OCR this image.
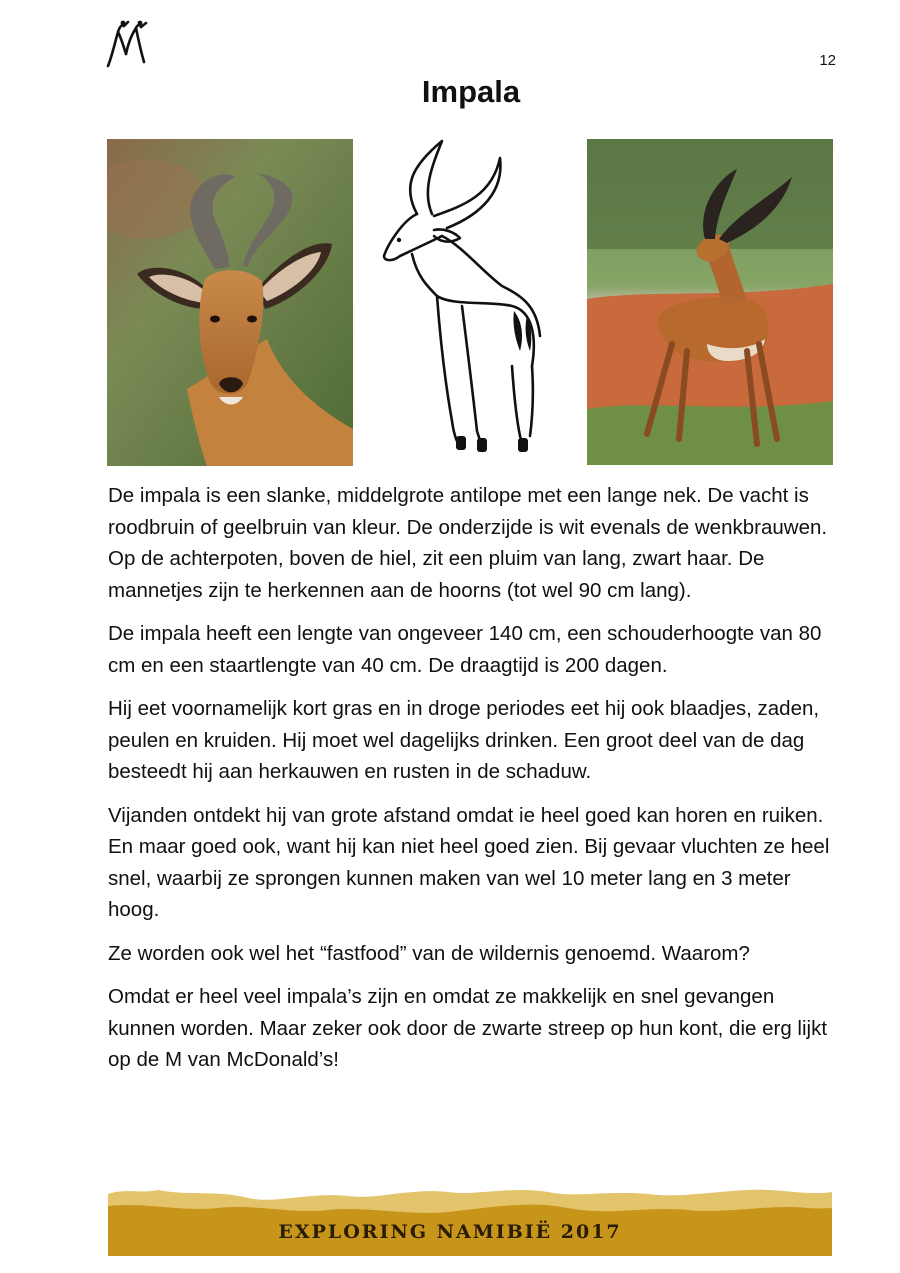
12
Impala

De impala is een slanke, middelgrote antilope met een lange nek. De vacht is roodbruin of geelbruin van kleur. De onderzijde is wit evenals de wenkbrauwen. Op de achterpoten, boven de hiel, zit een pluim van lang, zwart haar. De mannetjes zijn te herkennen aan de hoorns (tot wel 90 cm lang).

De impala heeft een lengte van ongeveer 140 cm, een schouderhoogte van 80 cm en een staartlengte van 40 cm. De draagtijd is 200 dagen.

Hij eet voornamelijk kort gras en in droge periodes eet hij ook blaadjes, zaden, peulen en kruiden. Hij moet wel dagelijks drinken. Een groot deel van de dag besteedt hij aan herkauwen en rusten in de schaduw.

Vijanden ontdekt hij van grote afstand omdat ie heel goed kan horen en ruiken. En maar goed ook, want hij kan niet heel goed zien. Bij gevaar vluchten ze heel snel, waarbij ze sprongen kunnen maken van wel 10 meter lang en 3 meter hoog.

Ze worden ook wel het “fastfood” van de wildernis genoemd. Waarom?

Omdat er heel veel impala’s zijn en omdat ze makkelijk en snel gevangen kunnen worden. Maar zeker ook door de zwarte streep op hun kont, die erg lijkt op de M van McDonald’s!

EXPLORING NAMIBIË 2017
